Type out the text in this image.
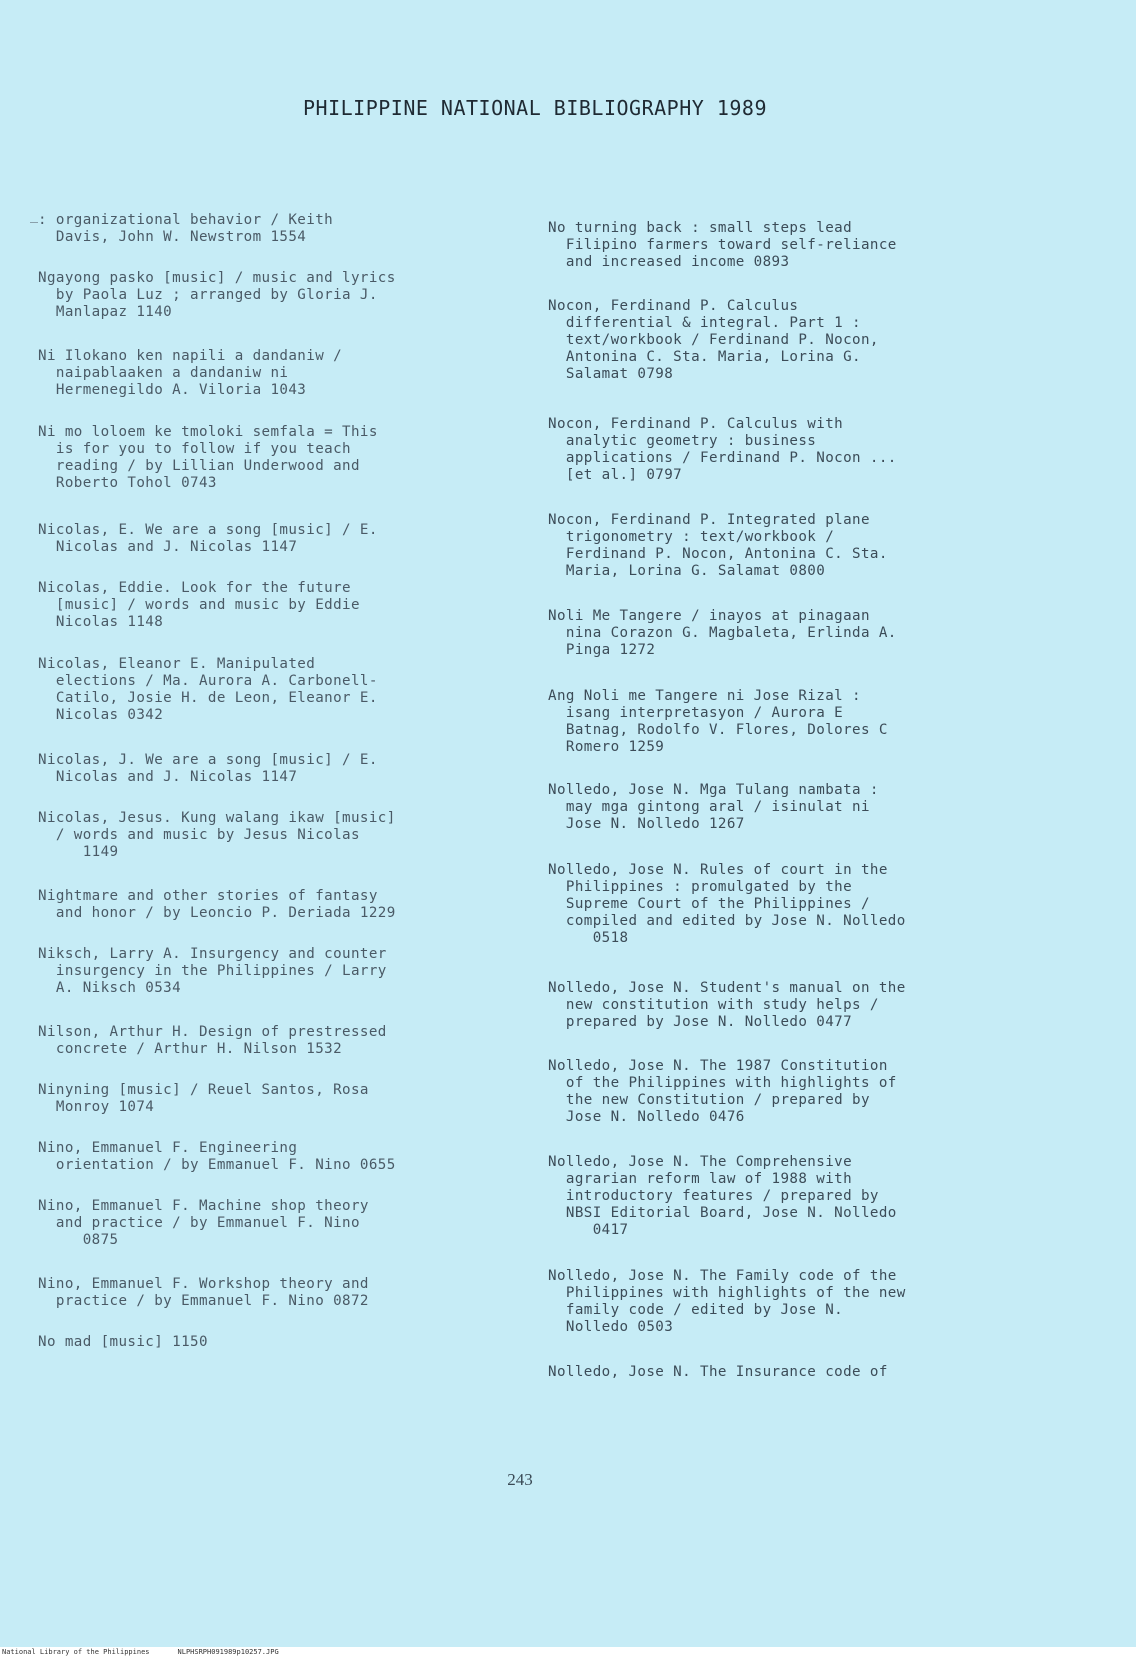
PHILIPPINE NATIONAL BIBLIOGRAPHY 1989

: organizational behavior / Keith
Davis, John W. Newstrom 1554

Ngayong pasko [music] / music and lyrics
by Paola Luz ; arranged by Gloria J.
Manlapaz 1140

Ni Ilokano ken napili a dandaniw /
naipablaaken a dandaniw ni
Hermenegildo A. Viloria 1043

Ni mo loloem ke tmoloki semfala = This
is for you to follow if you teach
reading / by Lillian Underwood and
Roberto Tohol 0743

Nicolas, E. We are a song [music] / E.
Nicolas and J. Nicolas 1147

Nicolas, Eddie. Look for the future
[music] / words and music by Eddie
Nicolas 1148

Nicolas, Eleanor E. Manipulated
elections / Ma. Aurora A. Carbonell-
Catilo, Josie H. de Leon, Eleanor E.
Nicolas 0342

Nicolas, J. We are a song [music] / E.
Nicolas and J. Nicolas 1147

Nicolas, Jesus. Kung walang ikaw [music]
/ words and music by Jesus Nicolas
1149

Nightmare and other stories of fantasy
and honor / by Leoncio P. Deriada 1229

Niksch, Larry A. Insurgency and counter
insurgency in the Philippines / Larry
A. Niksch 0534

Nilson, Arthur H. Design of prestressed
concrete / Arthur H. Nilson 1532

Ninyning [music] / Reuel Santos, Rosa
Monroy 1074

Nino, Emmanuel F. Engineering
orientation / by Emmanuel F. Nino 0655

Nino, Emmanuel F. Machine shop theory
and practice / by Emmanuel F. Nino
0875

Nino, Emmanuel F. Workshop theory and
practice / by Emmanuel F. Nino 0872

No mad [music] 1150

No turning back : small steps lead
Filipino farmers toward self-reliance
and increased income 0893

Nocon, Ferdinand P. Calculus
differential & integral. Part 1 :
text/workbook / Ferdinand P. Nocon,
Antonina C. Sta. Maria, Lorina G.
Salamat 0798

Nocon, Ferdinand P. Calculus with
analytic geometry : business
applications / Ferdinand P. Nocon ...
[et al.] 0797

Nocon, Ferdinand P. Integrated plane
trigonometry : text/workbook /
Ferdinand P. Nocon, Antonina C. Sta.
Maria, Lorina G. Salamat 0800

Noli Me Tangere / inayos at pinagaan
nina Corazon G. Magbaleta, Erlinda A.
Pinga 1272

Ang Noli me Tangere ni Jose Rizal :
isang interpretasyon / Aurora E
Batnag, Rodolfo V. Flores, Dolores C
Romero 1259

Nolledo, Jose N. Mga Tulang nambata :
may mga gintong aral / isinulat ni
Jose N. Nolledo 1267

Nolledo, Jose N. Rules of court in the
Philippines : promulgated by the
Supreme Court of the Philippines /
compiled and edited by Jose N. Nolledo
0518

Nolledo, Jose N. Student's manual on the
new constitution with study helps /
prepared by Jose N. Nolledo 0477

Nolledo, Jose N. The 1987 Constitution
of the Philippines with highlights of
the new Constitution / prepared by
Jose N. Nolledo 0476

Nolledo, Jose N. The Comprehensive
agrarian reform law of 1988 with
introductory features / prepared by
NBSI Editorial Board, Jose N. Nolledo
0417

Nolledo, Jose N. The Family code of the
Philippines with highlights of the new
family code / edited by Jose N.
Nolledo 0503

Nolledo, Jose N. The Insurance code of

243
National Library of the Philippines	NLPHSRPH091989p10257.JPG
